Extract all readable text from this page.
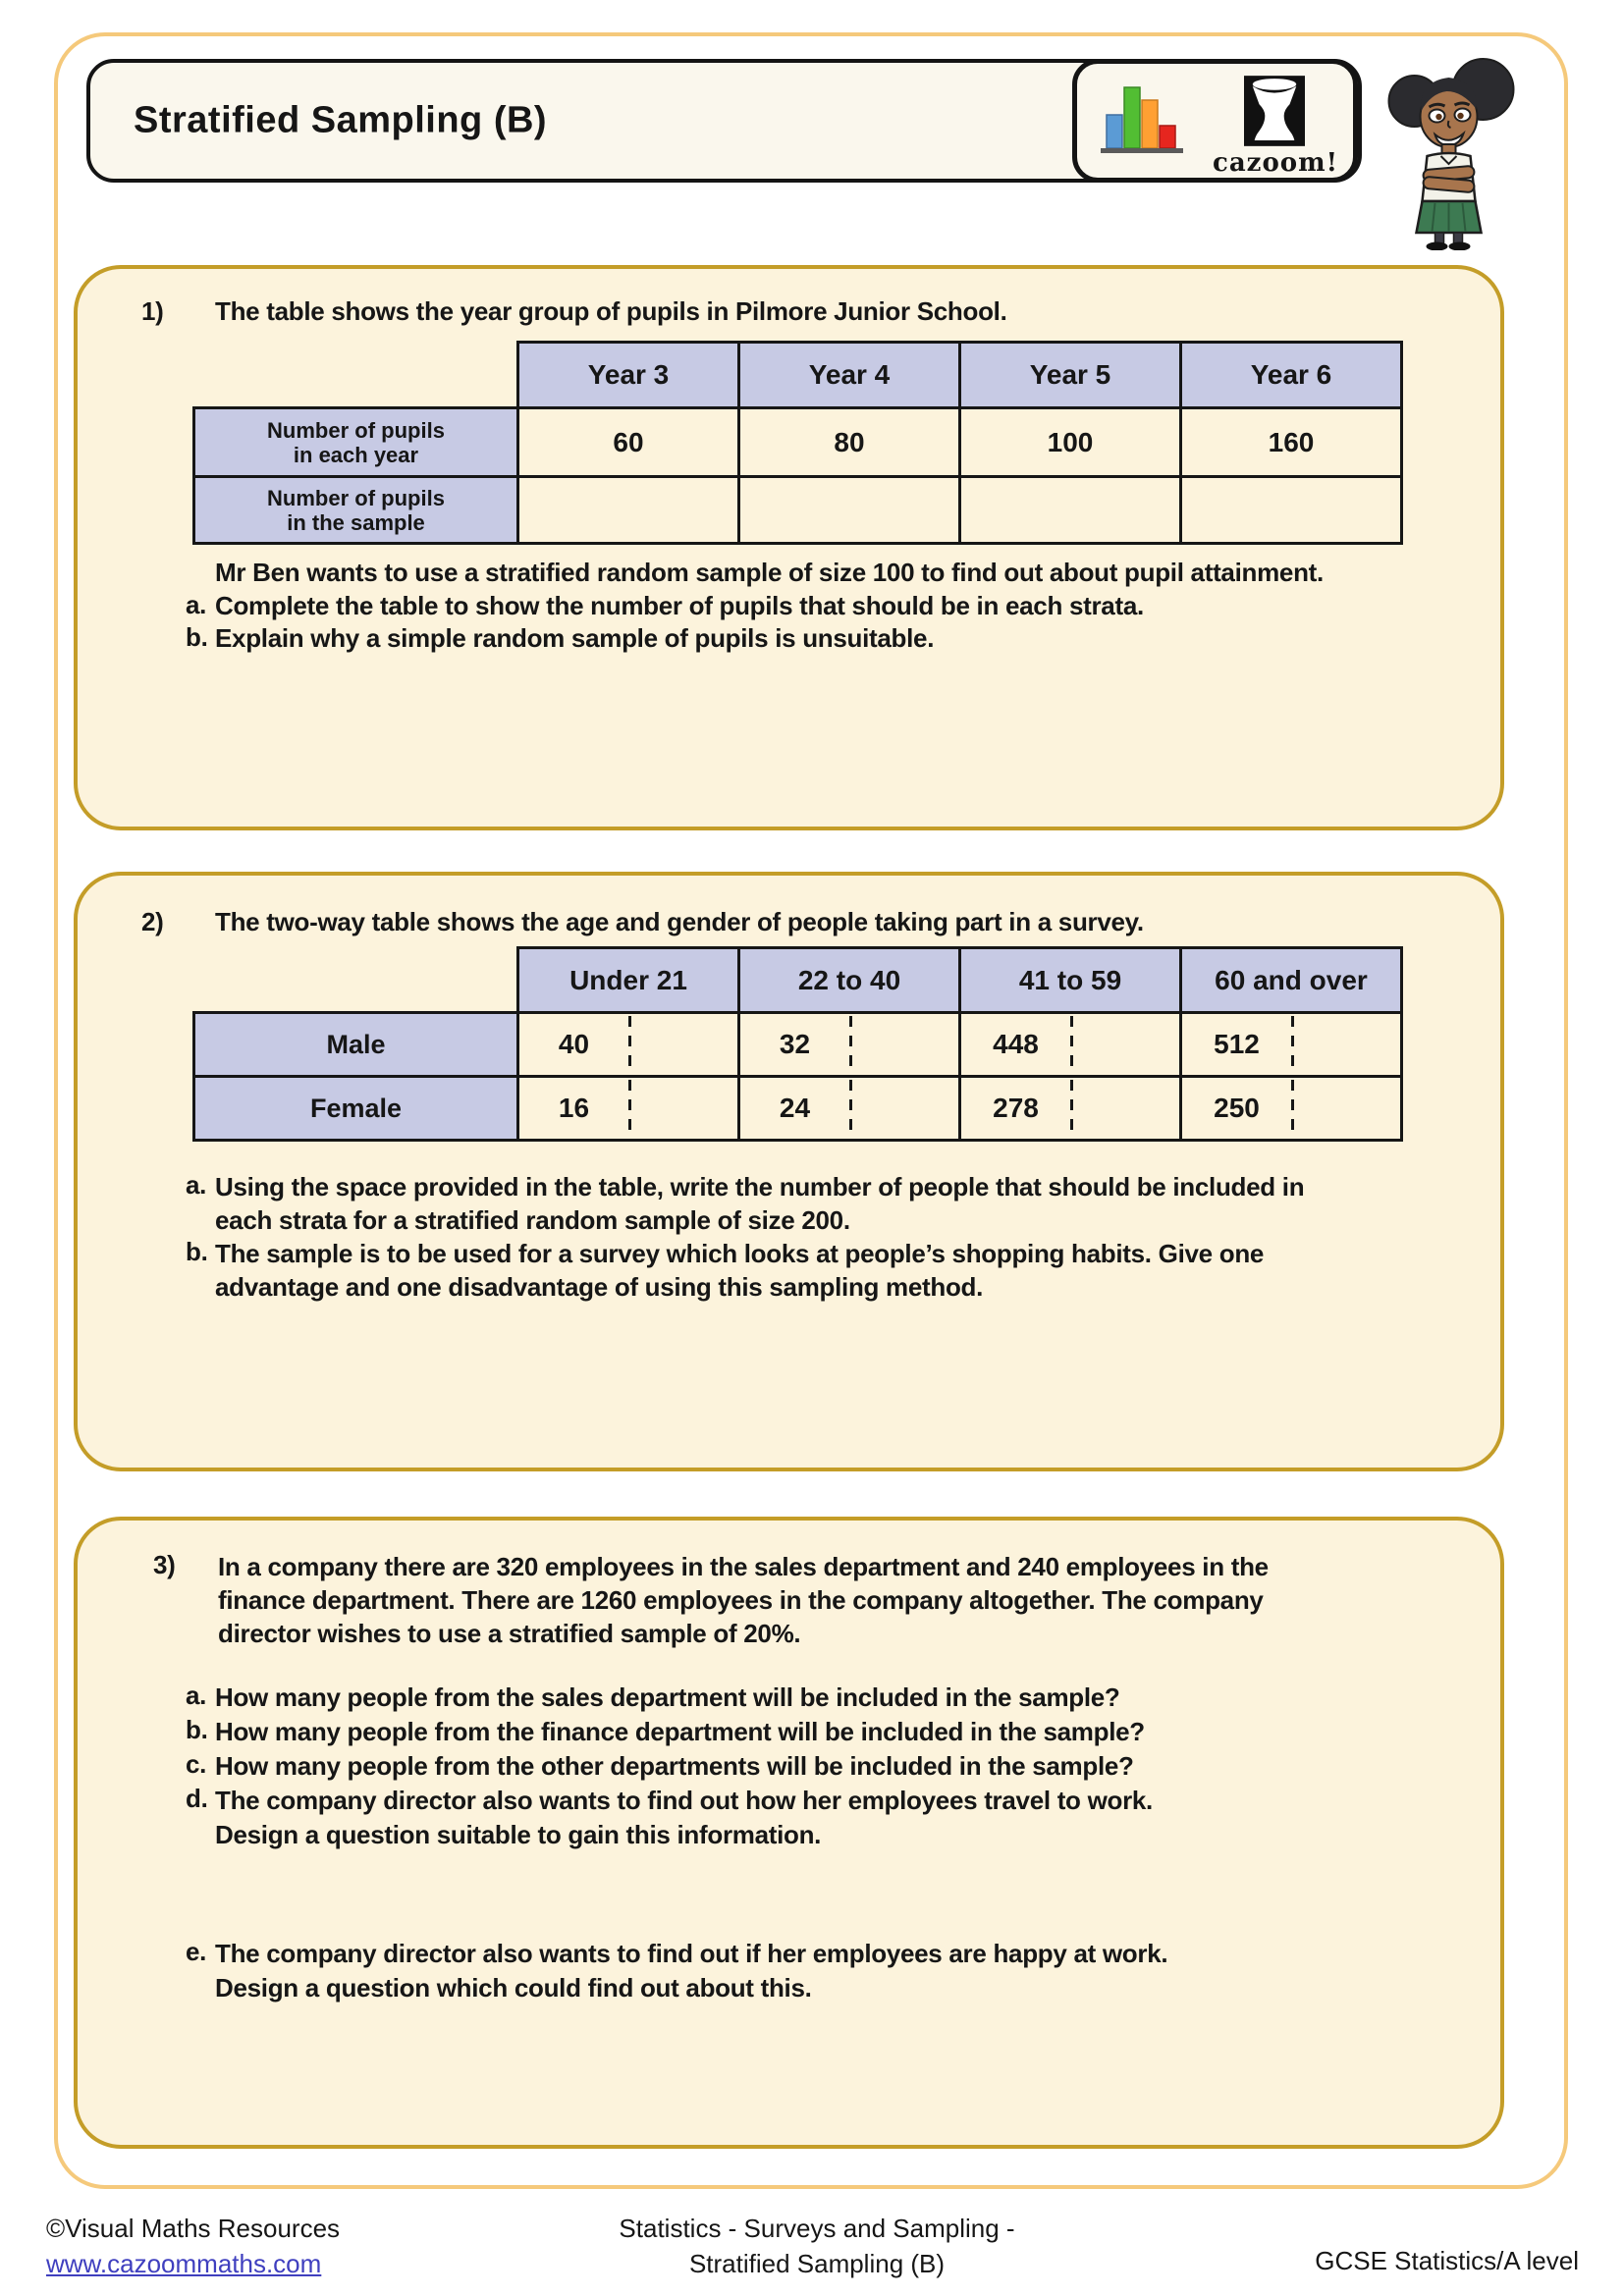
Stratified Sampling (B)
cazoom!
1) The table shows the year group of pupils in Pilmore Junior School.
	Year 3	Year 4	Year 5	Year 6

Number of pupils
in each year	60	80	100	160

Number of pupils
in the sample				

Mr Ben wants to use a stratified random sample of size 100 to find out about pupil attainment.
a. Complete the table to show the number of pupils that should be in each strata.
b. Explain why a simple random sample of pupils is unsuitable.
2) The two-way table shows the age and gender of people taking part in a survey.
	Under 21	22 to 40	41 to 59	60 and over
Male	40	32	448	512

Female	16	24	278	250
a. Using the space provided in the table, write the number of people that should be included in
each strata for a stratified random sample of size 200.
b. The sample is to be used for a survey which looks at people’s shopping habits. Give one
advantage and one disadvantage of using this sampling method.
3) In a company there are 320 employees in the sales department and 240 employees in the
finance department. There are 1260 employees in the company altogether. The company
director wishes to use a stratified sample of 20%.
a. How many people from the sales department will be included in the sample?
b. How many people from the finance department will be included in the sample?
c. How many people from the other departments will be included in the sample?
d. The company director also wants to find out how her employees travel to work.
Design a question suitable to gain this information.
e. The company director also wants to find out if her employees are happy at work.
Design a question which could find out about this.
©Visual Maths Resources
www.cazoommaths.com
Statistics - Surveys and Sampling -
Stratified Sampling (B)	GCSE Statistics/A level
